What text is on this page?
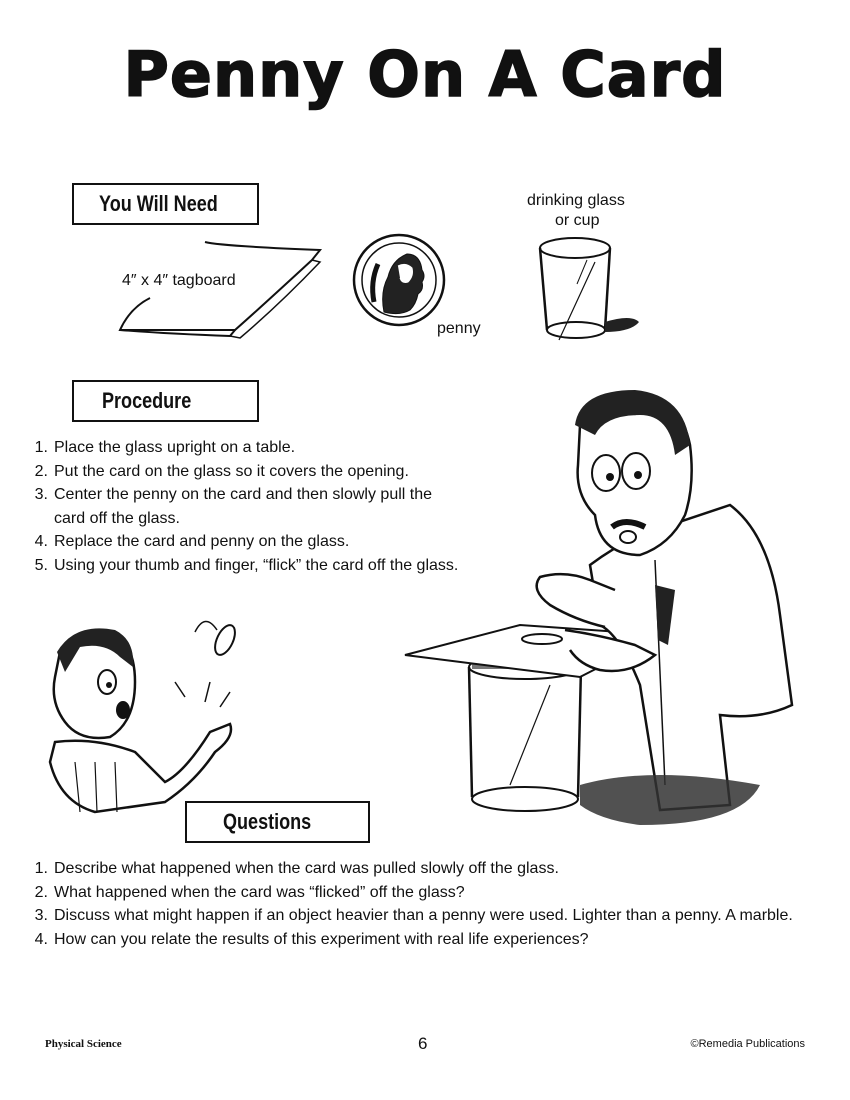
Penny On A Card
You Will Need
4″ x 4″ tagboard
penny
drinking glass
or cup
Procedure
1. Place the glass upright on a table.
2. Put the card on the glass so it covers the opening.
3. Center the penny on the card and then slowly pull the card off the glass.
4. Replace the card and penny on the glass.
5. Using your thumb and finger, “flick” the card off the glass.
Questions
1. Describe what happened when the card was pulled slowly off the glass.
2. What happened when the card was “flicked” off the glass?
3. Discuss what might happen if an object heavier than a penny were used. Lighter than a penny. A marble.
4. How can you relate the results of this experiment with real life experiences?
Physical Science	6	©Remedia Publications
